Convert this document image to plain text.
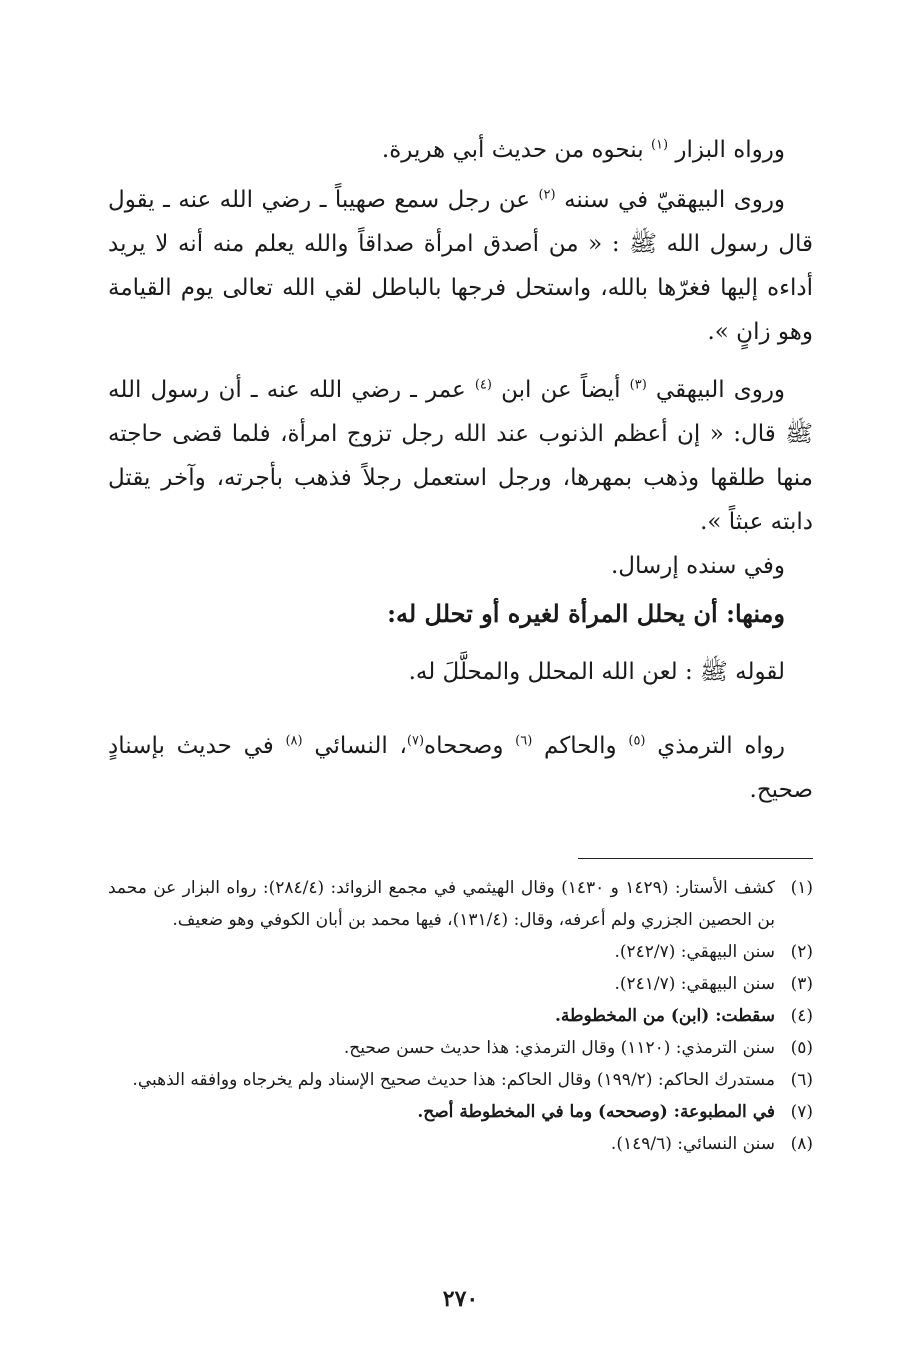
ورواه البزار $^{(١)}$ بنحوه من حديث أبي هريرة.

وروى البيهقيّ في سننه $^{(٢)}$ عن رجل سمع صهيباً ـ رضي الله عنه ـ يقول قال رسول الله ﷺ : « من أصدق امرأة صداقاً والله يعلم منه أنه لا يريد أداءه إليها فغرّها بالله، واستحل فرجها بالباطل لقي الله تعالى يوم القيامة وهو زانٍ ».

وروى البيهقي $^{(٣)}$ أيضاً عن ابن $^{(٤)}$ عمر ـ رضي الله عنه ـ أن رسول الله ﷺ قال: « إن أعظم الذنوب عند الله رجل تزوج امرأة، فلما قضى حاجته منها طلقها وذهب بمهرها، ورجل استعمل رجلاً فذهب بأجرته، وآخر يقتل دابته عبثاً ».

وفي سنده إرسال.

ومنها: أن يحلل المرأة لغيره أو تحلل له:

لقوله ﷺ : لعن الله المحلل والمحلَّلَ له.

رواه الترمذي $^{(٥)}$ والحاكم $^{(٦)}$ وصححاه$^{(٧)}$، النسائي $^{(٨)}$ في حديث بإسنادٍ صحيح.

(١)
كشف الأستار: (١٤٢٩ و ١٤٣٠) وقال الهيثمي في مجمع الزوائد: (٢٨٤/٤): رواه البزار عن محمد بن الحصين الجزري ولم أعرفه، وقال: (١٣١/٤)، فيها محمد بن أبان الكوفي وهو ضعيف.

(٢)
سنن البيهقي: (٢٤٢/٧).

(٣)
سنن البيهقي: (٢٤١/٧).

(٤)
سقطت: (ابن) من المخطوطة.

(٥)
سنن الترمذي: (١١٢٠) وقال الترمذي: هذا حديث حسن صحيح.

(٦)
مستدرك الحاكم: (١٩٩/٢) وقال الحاكم: هذا حديث صحيح الإسناد ولم يخرجاه ووافقه الذهبي.

(٧)
في المطبوعة: (وصححه) وما في المخطوطة أصح.

(٨)
سنن النسائي: (١٤٩/٦).

٢٧٠
